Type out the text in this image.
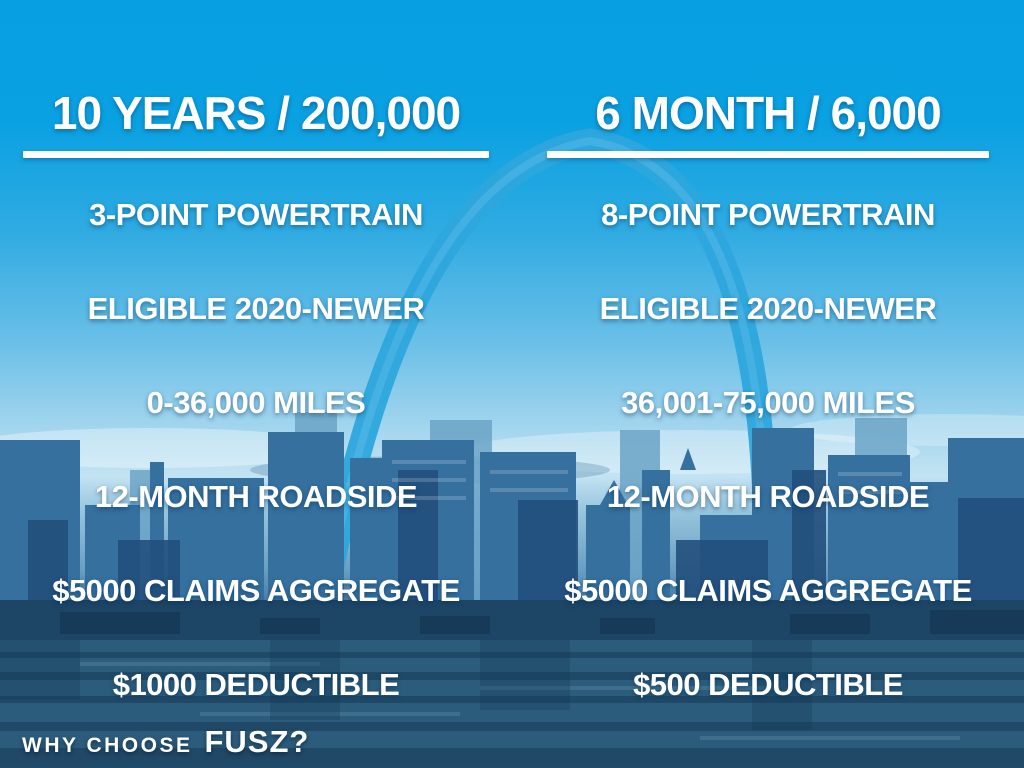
10 YEARS / 200,000
3-POINT POWERTRAIN
ELIGIBLE 2020-NEWER
0-36,000 MILES
12-MONTH ROADSIDE
$5000 CLAIMS AGGREGATE
$1000 DEDUCTIBLE
6 MONTH / 6,000
8-POINT POWERTRAIN
ELIGIBLE 2020-NEWER
36,001-75,000 MILES
12-MONTH ROADSIDE
$5000 CLAIMS AGGREGATE
$500 DEDUCTIBLE
WHY CHOOSE FUSZ?
